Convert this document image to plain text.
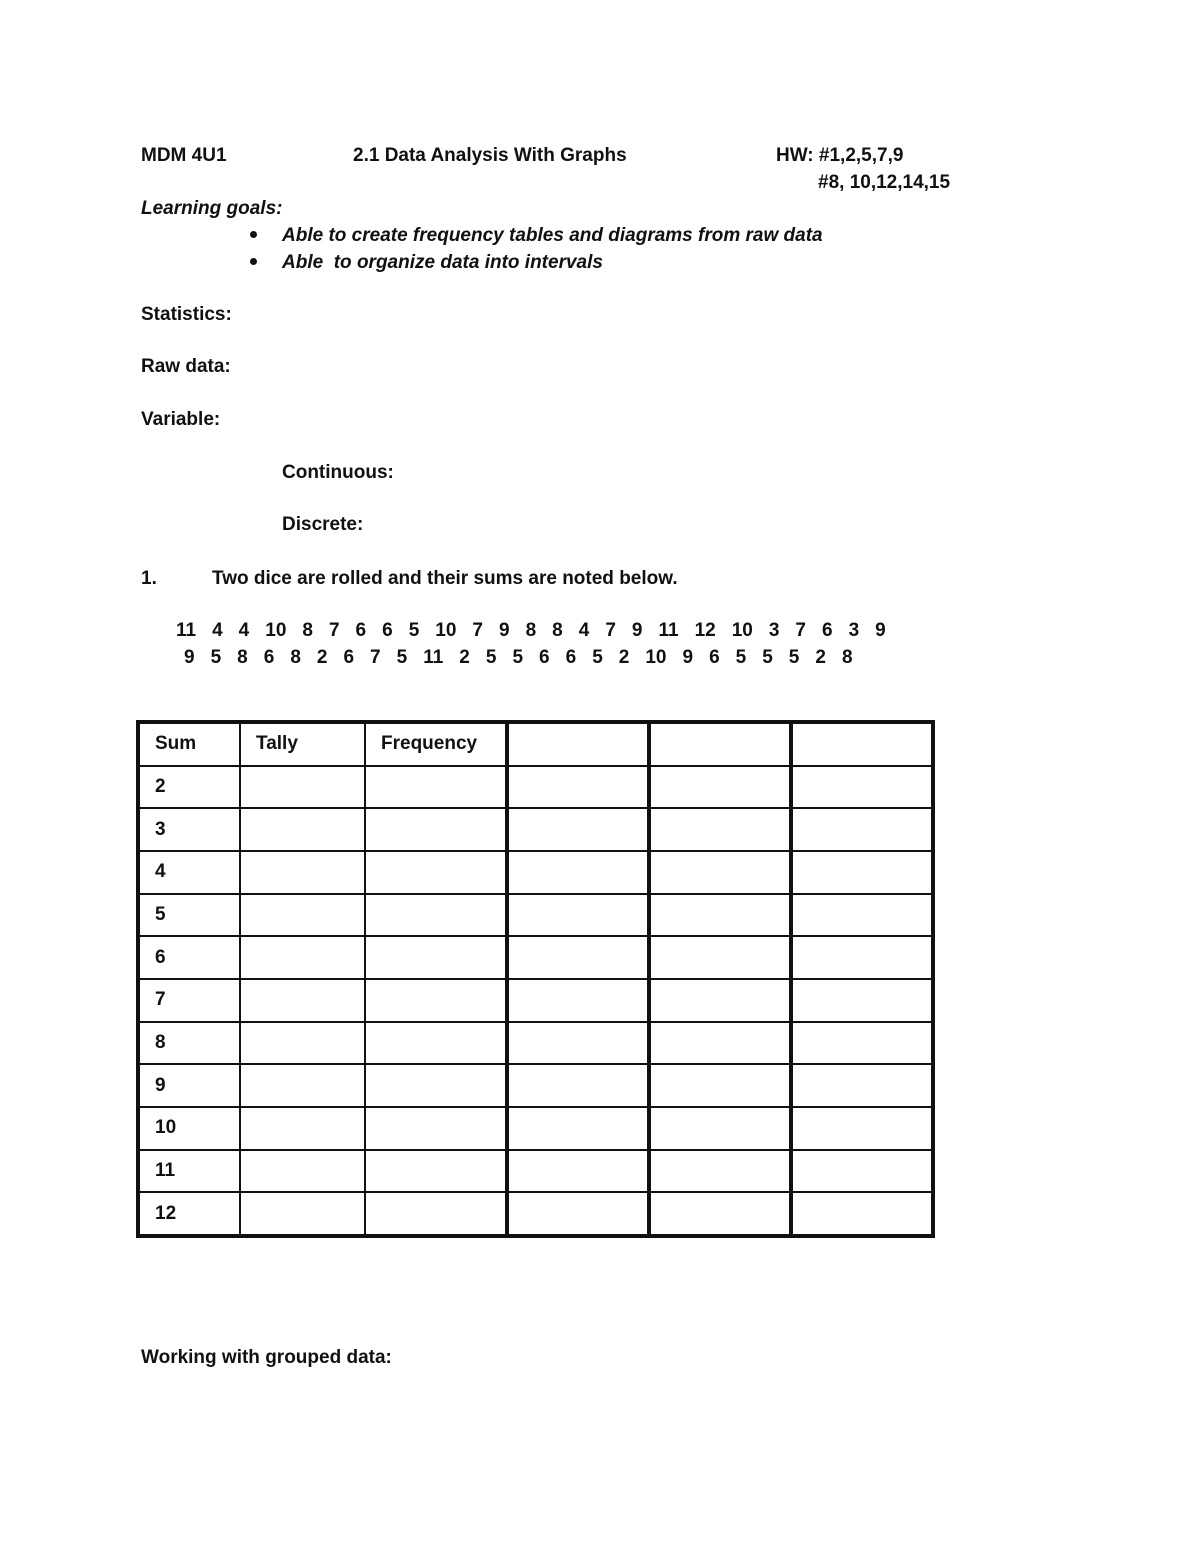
MDM 4U1	2.1 Data Analysis With Graphs	HW: #1,2,5,7,9
#8, 10,12,14,15
Learning goals:
Able to create frequency tables and diagrams from raw data
Able  to organize data into intervals
Statistics:
Raw data:
Variable:
Continuous:
Discrete:
1.	Two dice are rolled and their sums are noted below.
11 4 4 10 8 7 6 6 5 10 7 9 8 8 4 7 9 11 12 10 3 7 6 3 9
9 5 8 6 8 2 6 7 5 11 2 5 5 6 6 5 2 10 9 6 5 5 5 2 8
Sum	Tally	Frequency			
2					
3					
4					
5					
6					
7					
8					
9					
10					
11					
12					
Working with grouped data:
